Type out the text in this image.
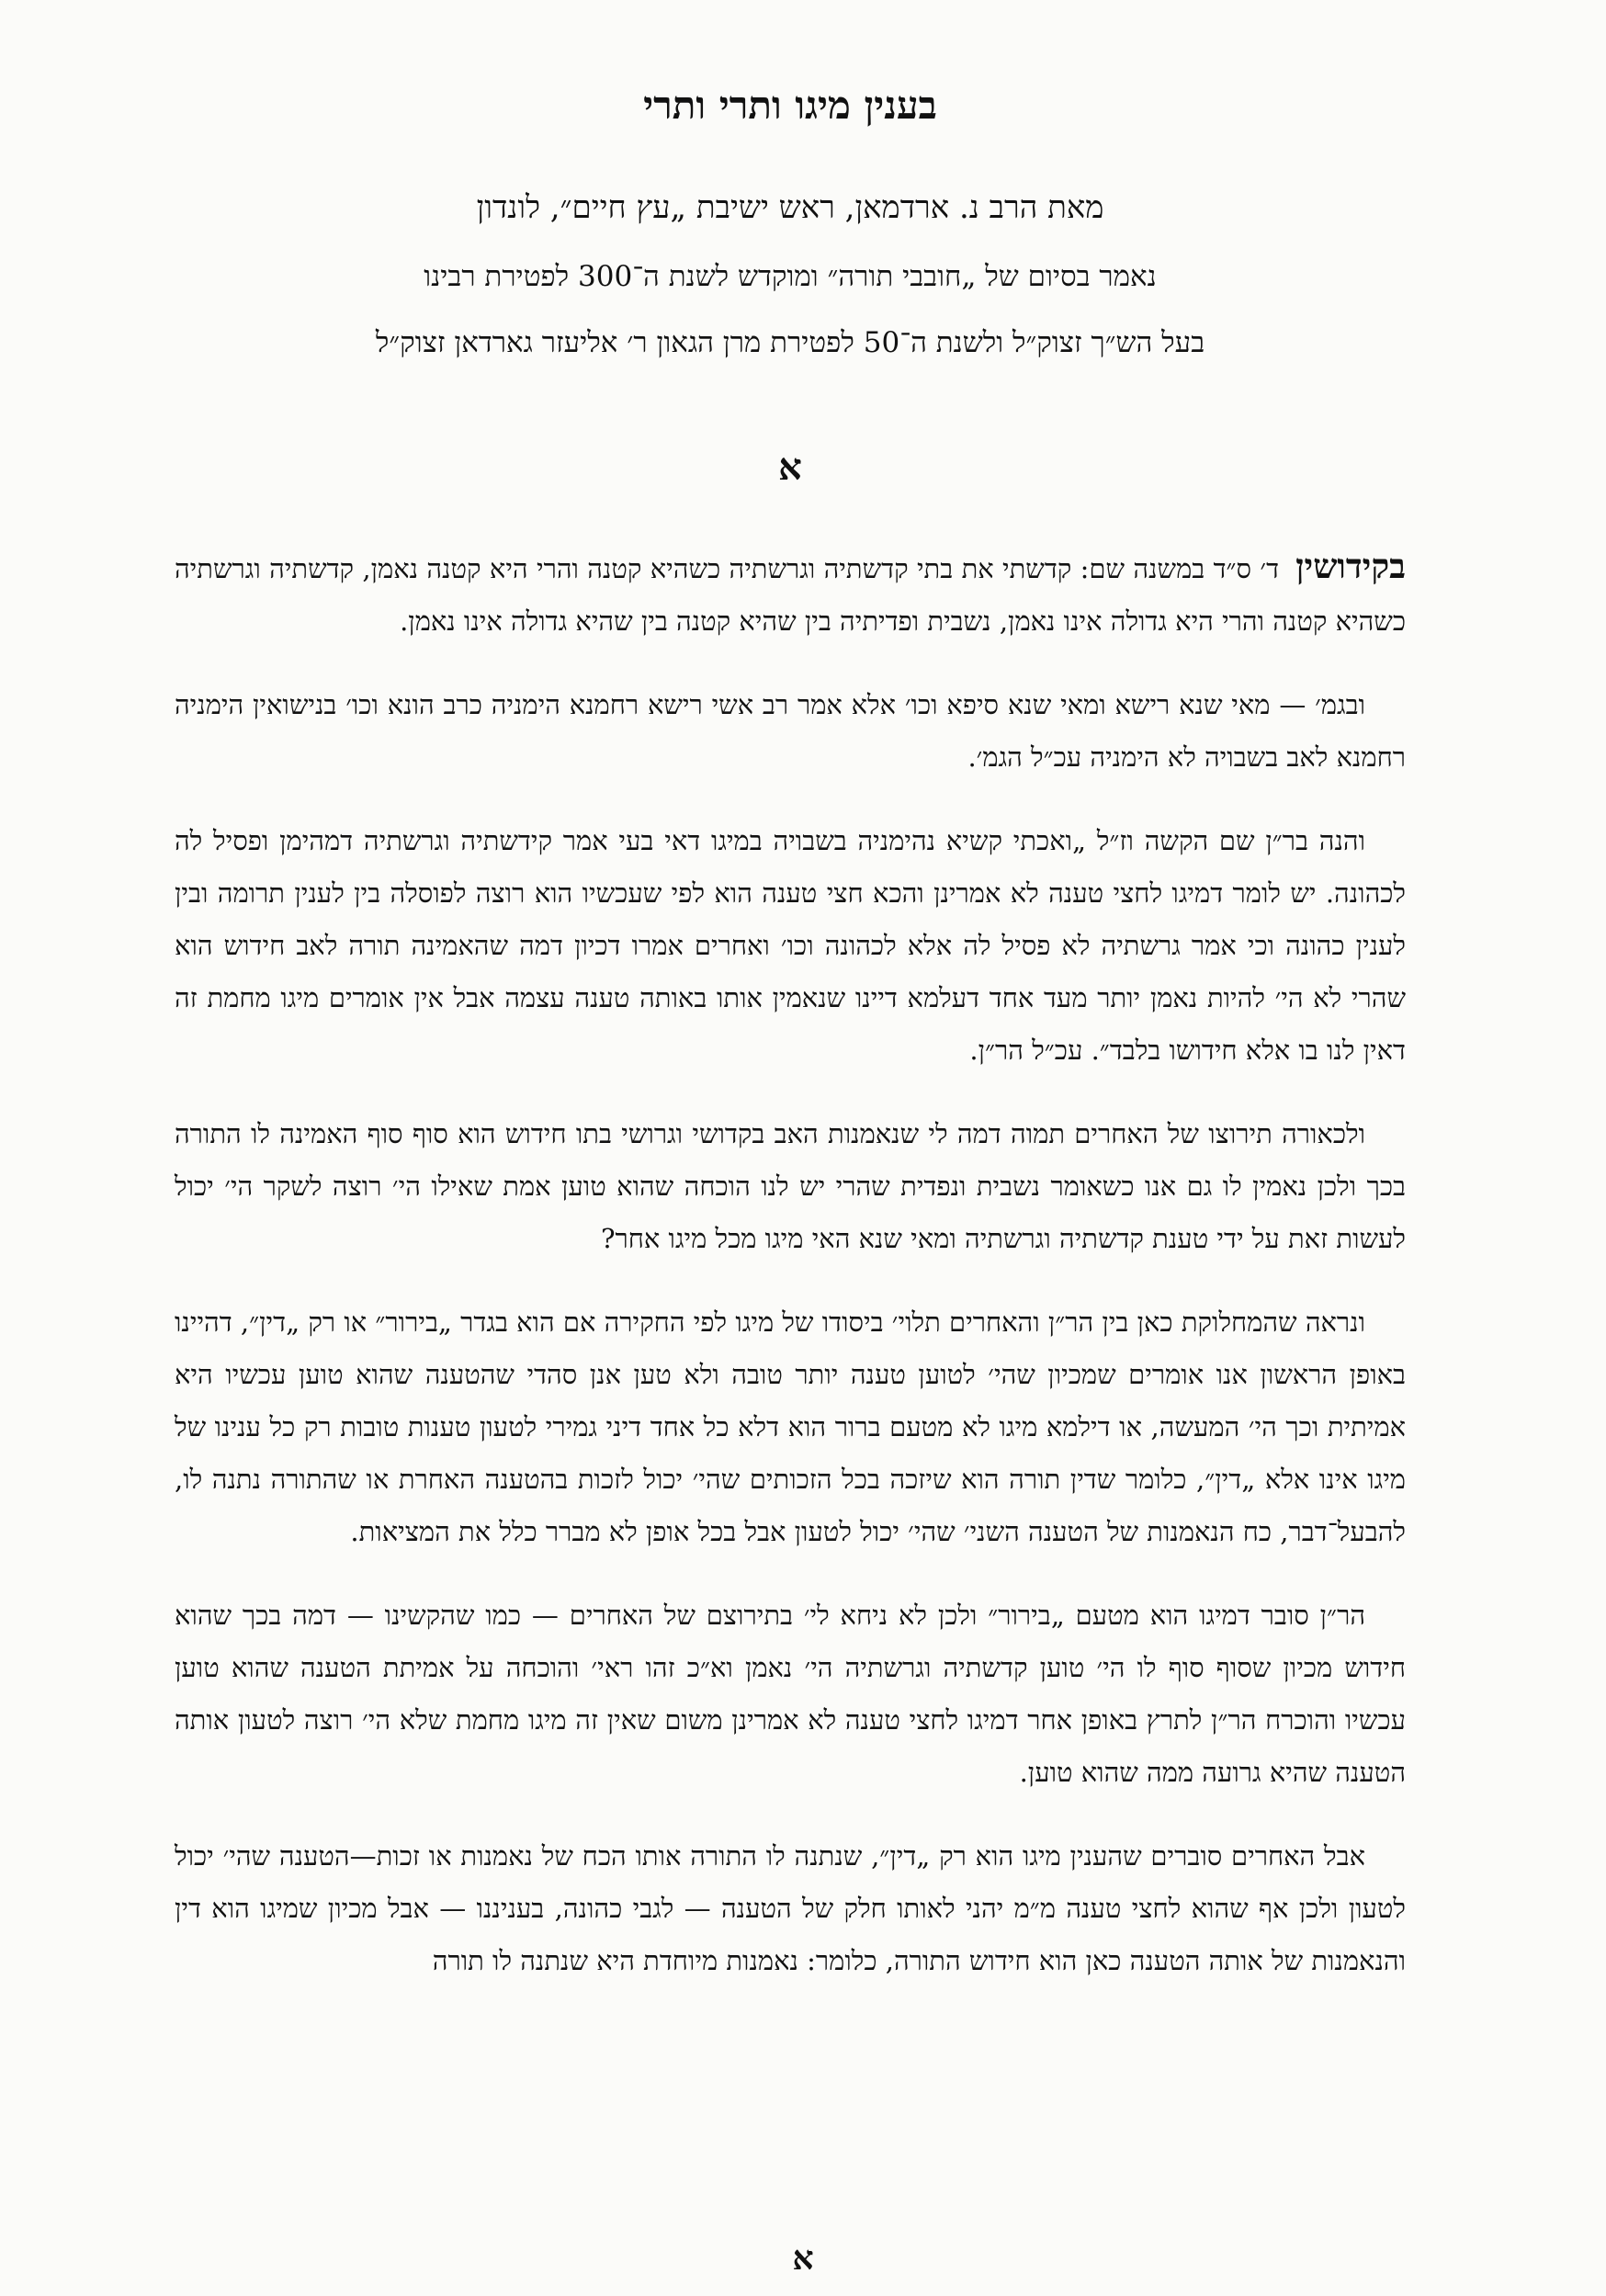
בענין מיגו ותרי ותרי

מאת הרב נ. ארדמאן, ראש ישיבת „עץ חיים״, לונדון

נאמר בסיום של „חובבי תורה״ ומוקדש לשנת ה־300 לפטירת רבינו

בעל הש״ך זצוק״ל ולשנת ה־50 לפטירת מרן הגאון ר׳ אליעזר גארדאן זצוק״ל

א

בקידושיןד׳ ס״ד במשנה שם: קדשתי את בתי קדשתיה וגרשתיה כשהיא קטנה והרי היא קטנה נאמן, קדשתיה וגרשתיה כשהיא קטנה והרי היא גדולה אינו נאמן, נשבית ופדיתיה בין שהיא קטנה בין שהיא גדולה אינו נאמן.

ובגמ׳ — מאי שנא רישא ומאי שנא סיפא וכו׳ אלא אמר רב אשי רישא רחמנא הימניה כרב הונא וכו׳ בנישואין הימניה רחמנא לאב בשבויה לא הימניה עכ״ל הגמ׳.

והנה בר״ן שם הקשה וז״ל „ואכתי קשיא נהימניה בשבויה במיגו דאי בעי אמר קידשתיה וגרשתיה דמהימן ופסיל לה לכהונה. יש לומר דמיגו לחצי טענה לא אמרינן והכא חצי טענה הוא לפי שעכשיו הוא רוצה לפוסלה בין לענין תרומה ובין לענין כהונה וכי אמר גרשתיה לא פסיל לה אלא לכהונה וכו׳ ואחרים אמרו דכיון דמה שהאמינה תורה לאב חידוש הוא שהרי לא הי׳ להיות נאמן יותר מעד אחד דעלמא דיינו שנאמין אותו באותה טענה עצמה אבל אין אומרים מיגו מחמת זה דאין לנו בו אלא חידושו בלבד״. עכ״ל הר״ן.

ולכאורה תירוצו של האחרים תמוה דמה לי שנאמנות האב בקדושי וגרושי בתו חידוש הוא סוף סוף האמינה לו התורה בכך ולכן נאמין לו גם אנו כשאומר נשבית ונפדית שהרי יש לנו הוכחה שהוא טוען אמת שאילו הי׳ רוצה לשקר הי׳ יכול לעשות זאת על ידי טענת קדשתיה וגרשתיה ומאי שנא האי מיגו מכל מיגו אחר?

ונראה שהמחלוקת כאן בין הר״ן והאחרים תלוי׳ ביסודו של מיגו לפי החקירה אם הוא בגדר „בירור״ או רק „דין״, דהיינו באופן הראשון אנו אומרים שמכיון שהי׳ לטוען טענה יותר טובה ולא טען אנן סהדי שהטענה שהוא טוען עכשיו היא אמיתית וכך הי׳ המעשה, או דילמא מיגו לא מטעם ברור הוא דלא כל אחד דיני גמירי לטעון טענות טובות רק כל ענינו של מיגו אינו אלא „דין״, כלומר שדין תורה הוא שיזכה בכל הזכותים שהי׳ יכול לזכות בהטענה האחרת או שהתורה נתנה לו, להבעל־דבר, כח הנאמנות של הטענה השני׳ שהי׳ יכול לטעון אבל בכל אופן לא מברר כלל את המציאות.

הר״ן סובר דמיגו הוא מטעם „בירור״ ולכן לא ניחא לי׳ בתירוצם של האחרים — כמו שהקשינו — דמה בכך שהוא חידוש מכיון שסוף סוף לו הי׳ טוען קדשתיה וגרשתיה הי׳ נאמן וא״כ זהו ראי׳ והוכחה על אמיתת הטענה שהוא טוען עכשיו והוכרח הר״ן לתרץ באופן אחר דמיגו לחצי טענה לא אמרינן משום שאין זה מיגו מחמת שלא הי׳ רוצה לטעון אותה הטענה שהיא גרועה ממה שהוא טוען.

אבל האחרים סוברים שהענין מיגו הוא רק „דין״, שנתנה לו התורה אותו הכח של נאמנות או זכות—הטענה שהי׳ יכול לטעון ולכן אף שהוא לחצי טענה מ״מ יהני לאותו חלק של הטענה — לגבי כהונה, בעניננו — אבל מכיון שמיגו הוא דין והנאמנות של אותה הטענה כאן הוא חידוש התורה, כלומר: נאמנות מיוחדת היא שנתנה לו תורה

א
